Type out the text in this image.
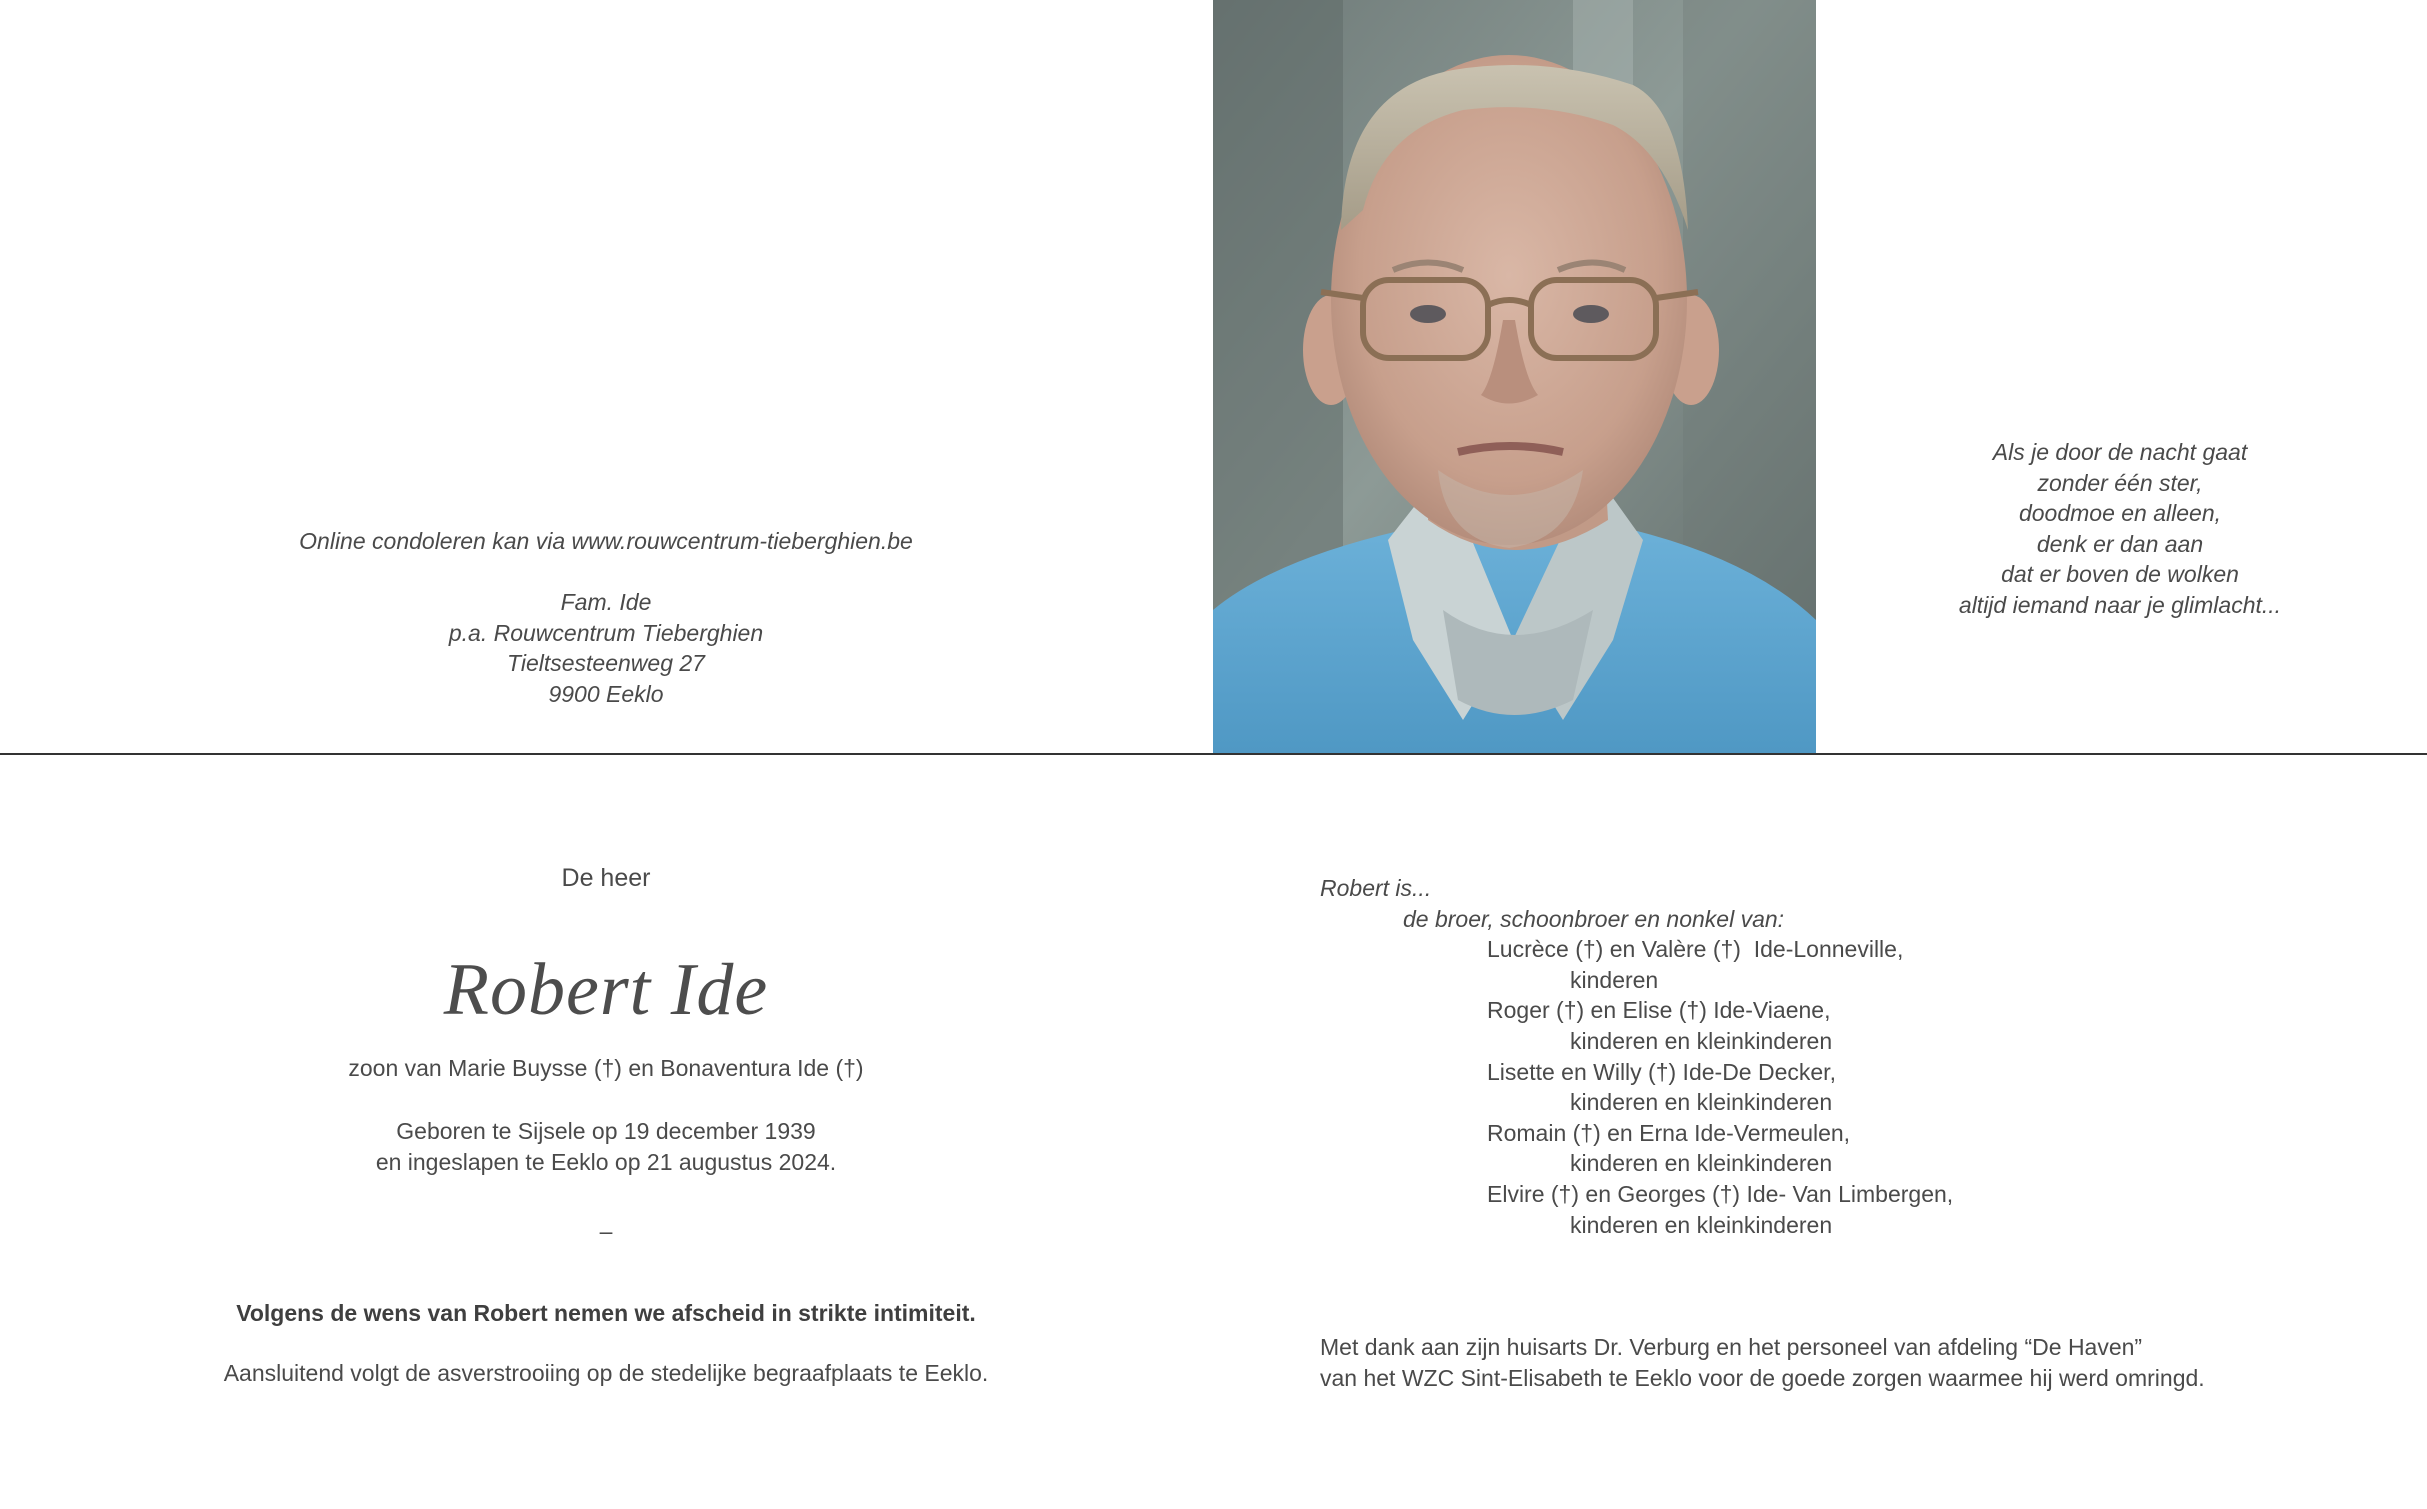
Online condoleren kan via www.rouwcentrum-tieberghien.be
Fam. Ide
p.a. Rouwcentrum Tieberghien
Tieltsesteenweg 27
9900 Eeklo
Als je door de nacht gaat
zonder één ster,
doodmoe en alleen,
denk er dan aan
dat er boven de wolken
altijd iemand naar je glimlacht...
De heer
Robert Ide
zoon van Marie Buysse (†) en Bonaventura Ide (†)
Geboren te Sijsele op 19 december 1939
en ingeslapen te Eeklo op 21 augustus 2024.
–
Volgens de wens van Robert nemen we afscheid in strikte intimiteit.
Aansluitend volgt de asverstrooiing op de stedelijke begraafplaats te Eeklo.
Robert is...
de broer, schoonbroer en nonkel van:
Lucrèce (†) en Valère (†)  Ide-Lonneville,
kinderen
Roger (†) en Elise (†) Ide-Viaene,
kinderen en kleinkinderen
Lisette en Willy (†) Ide-De Decker,
kinderen en kleinkinderen
Romain (†) en Erna Ide-Vermeulen,
kinderen en kleinkinderen
Elvire (†) en Georges (†) Ide- Van Limbergen,
kinderen en kleinkinderen
Met dank aan zijn huisarts Dr. Verburg en het personeel van afdeling “De Haven”
van het WZC Sint-Elisabeth te Eeklo voor de goede zorgen waarmee hij werd omringd.
